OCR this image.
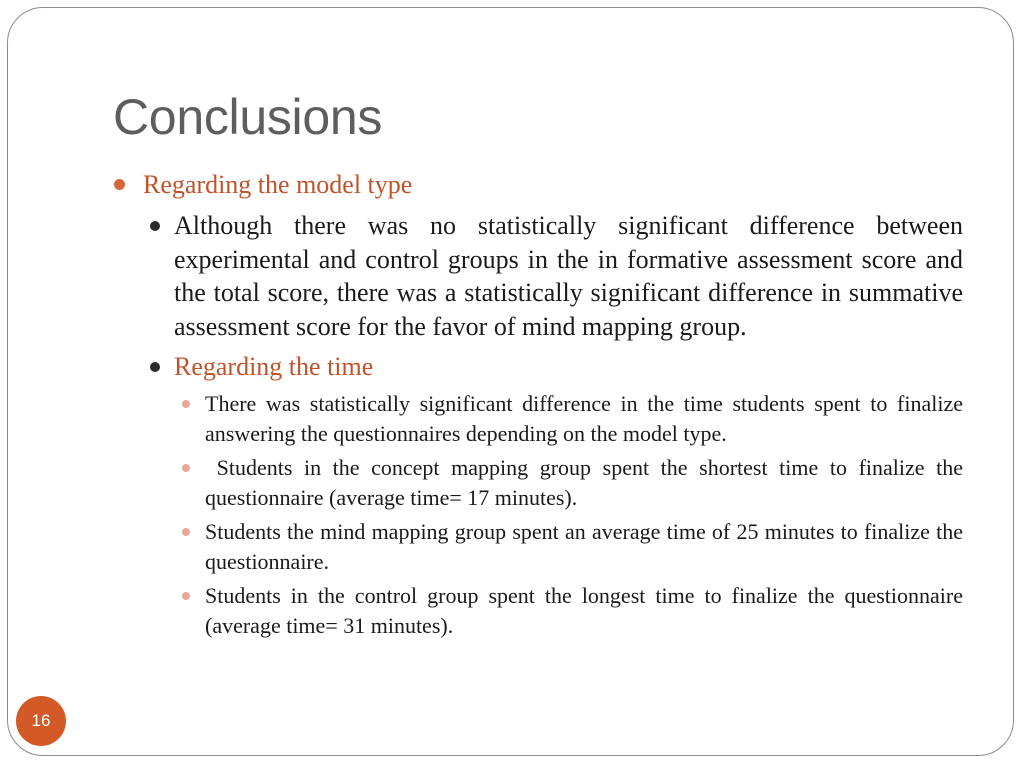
Conclusions

Regarding the model type

Although there was no statistically significant difference between experimental and control groups in the in formative assessment score and the total score, there was a statistically significant difference in summative assessment score for the favor of mind mapping group.

Regarding the time

There was statistically significant difference in the time students spent to finalize answering the questionnaires depending on the model type.

Students in the concept mapping group spent the shortest time to finalize the questionnaire (average time= 17 minutes).

Students the mind mapping group spent an average time of 25 minutes to finalize the questionnaire.

Students in the control group spent the longest time to finalize the questionnaire (average time= 31 minutes).

16
